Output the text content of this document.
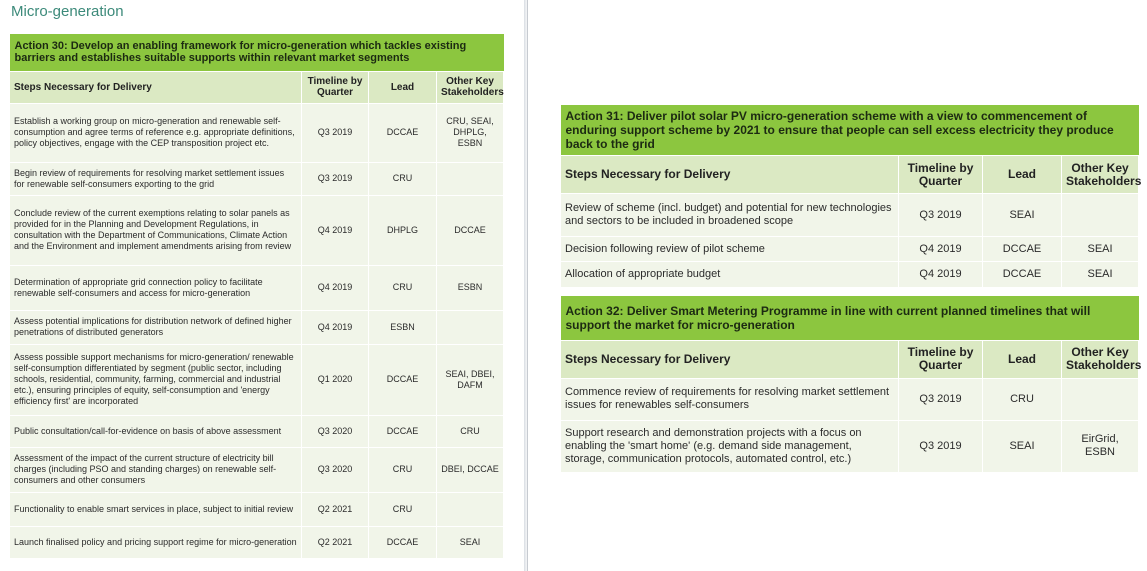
Micro-generation
Action 30: Develop an enabling framework for micro-generation which tackles existing barriers and establishes suitable supports within relevant market segments			
Steps Necessary for Delivery	Timeline by Quarter	Lead	Other Key Stakeholders
Establish a working group on micro-generation and renewable self-consumption and agree terms of reference e.g. appropriate definitions, policy objectives, engage with the CEP transposition project etc.	Q3 2019	DCCAE	CRU, SEAI, DHPLG, ESBN
Begin review of requirements for resolving market settlement issues for renewable self-consumers exporting to the grid	Q3 2019	CRU	
Conclude review of the current exemptions relating to solar panels as provided for in the Planning and Development Regulations, in consultation with the Department of Communications, Climate Action and the Environment and implement amendments arising from review	Q4 2019	DHPLG	DCCAE
Determination of appropriate grid connection policy to facilitate renewable self-consumers and access for micro-generation	Q4 2019	CRU	ESBN
Assess potential implications for distribution network of defined higher penetrations of distributed generators	Q4 2019	ESBN	
Assess possible support mechanisms for micro-generation/ renewable self-consumption differentiated by segment (public sector, including schools, residential, community, farming, commercial and industrial etc.), ensuring principles of equity, self-consumption and 'energy efficiency first' are incorporated	Q1 2020	DCCAE	SEAI, DBEI, DAFM
Public consultation/call-for-evidence on basis of above assessment	Q3 2020	DCCAE	CRU
Assessment of the impact of the current structure of electricity bill charges (including PSO and standing charges) on renewable self-consumers and other consumers	Q3 2020	CRU	DBEI, DCCAE
Functionality to enable smart services in place, subject to initial review	Q2 2021	CRU	
Launch finalised policy and pricing support regime for micro-generation	Q2 2021	DCCAE	SEAI
Action 31: Deliver pilot solar PV micro-generation scheme with a view to commencement of enduring support scheme by 2021 to ensure that people can sell excess electricity they produce back to the grid			
Steps Necessary for Delivery	Timeline by Quarter	Lead	Other Key Stakeholders
Review of scheme (incl. budget) and potential for new technologies and sectors to be included in broadened scope	Q3 2019	SEAI	
Decision following review of pilot scheme	Q4 2019	DCCAE	SEAI
Allocation of appropriate budget	Q4 2019	DCCAE	SEAI
Action 32: Deliver Smart Metering Programme in line with current planned timelines that will support the market for micro-generation			
Steps Necessary for Delivery	Timeline by Quarter	Lead	Other Key Stakeholders
Commence review of requirements for resolving market settlement issues for renewables self-consumers	Q3 2019	CRU	
Support research and demonstration projects with a focus on enabling the 'smart home' (e.g. demand side management, storage, communication protocols, automated control, etc.)	Q3 2019	SEAI	EirGrid, ESBN
